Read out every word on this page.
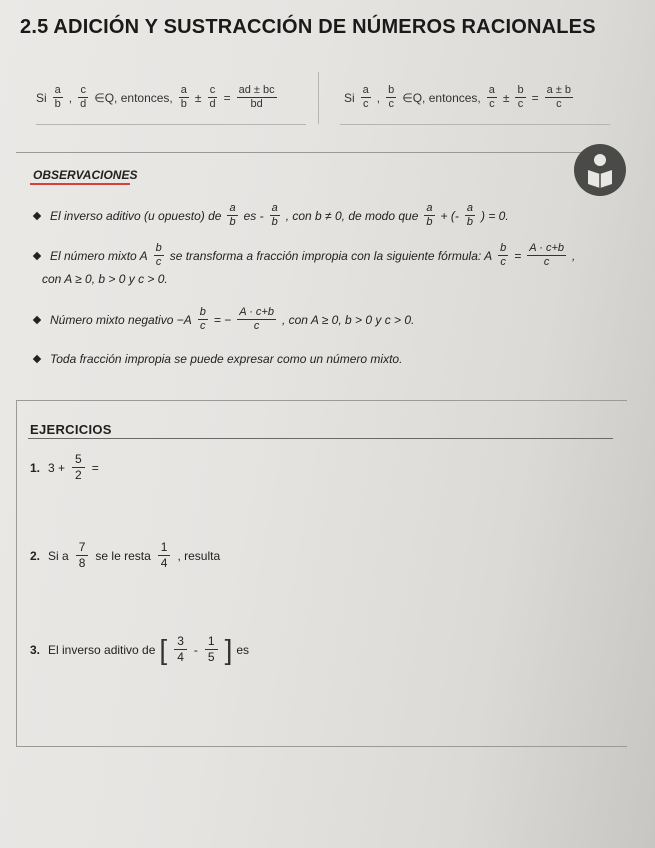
2.5 ADICIÓN Y SUSTRACCIÓN DE NÚMEROS RACIONALES
Si $\frac{a}{b}$ , $\frac{c}{d}$ ∈Q, entonces, $\frac{a}{b} \pm \frac{c}{d} = \frac{ad \pm bc}{bd}$	Si $\frac{a}{c}$ , $\frac{b}{c}$ ∈Q, entonces, $\frac{a}{c} \pm \frac{b}{c} = \frac{a \pm b}{c}$
OBSERVACIONES
El inverso aditivo (u opuesto) de $\frac{a}{b}$ es - $\frac{a}{b}$ , con b ≠ 0, de modo que $\frac{a}{b}$ + (- $\frac{a}{b}$ ) = 0.
El número mixto A $\frac{b}{c}$ se transforma a fracción impropia con la siguiente fórmula: A $\frac{b}{c} = \frac{A \cdot c+b}{c}$ ,
con A ≥ 0, b > 0 y c > 0.
Número mixto negativo $-A \frac{b}{c}$ = − $\frac{A \cdot c+b}{c}$ , con A ≥ 0, b > 0 y c > 0.
Toda fracción impropia se puede expresar como un número mixto.
EJERCICIOS
1. $3 + \frac{5}{2}$ =
2. Si a
7
8
se le resta
1
4
, resulta
3. El inverso aditivo de [ 3
4
-
1
5 ] es
